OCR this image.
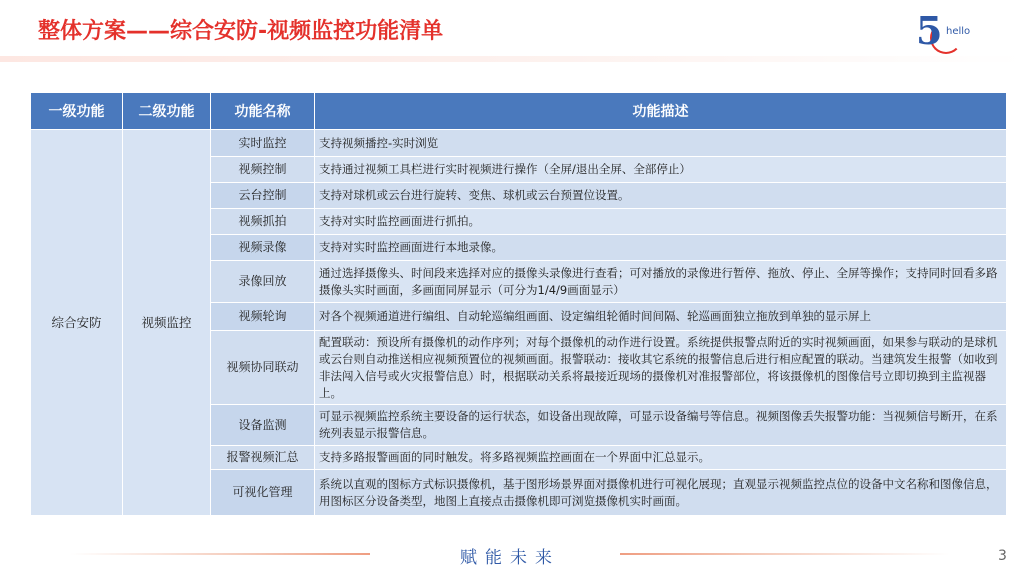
整体方案——综合安防-视频监控功能清单	5 hello
一级功能	二级功能	功能名称	功能描述
综合安防	视频监控	实时监控	支持视频播控-实时浏览
		视频控制	支持通过视频工具栏进行实时视频进行操作（全屏/退出全屏、全部停止）
		云台控制	支持对球机或云台进行旋转、变焦、球机或云台预置位设置。
		视频抓拍	支持对实时监控画面进行抓拍。
		视频录像	支持对实时监控画面进行本地录像。
		录像回放	通过选择摄像头、时间段来选择对应的摄像头录像进行查看；可对播放的录像进行暂停、拖放、停止、全屏等操作；支持同时回看多路摄像头实时画面，多画面同屏显示（可分为1/4/9画面显示）
		视频轮询	对各个视频通道进行编组、自动轮巡编组画面、设定编组轮循时间间隔、轮巡画面独立拖放到单独的显示屏上
		视频协同联动	配置联动：预设所有摄像机的动作序列；对每个摄像机的动作进行设置。系统提供报警点附近的实时视频画面，如果参与联动的是球机或云台则自动推送相应视频预置位的视频画面。报警联动：接收其它系统的报警信息后进行相应配置的联动。当建筑发生报警（如收到非法闯入信号或火灾报警信息）时，根据联动关系将最接近现场的摄像机对准报警部位，将该摄像机的图像信号立即切换到主监视器上。
		设备监测	可显示视频监控系统主要设备的运行状态，如设备出现故障，可显示设备编号等信息。视频图像丢失报警功能：当视频信号断开，在系统列表显示报警信息。
		报警视频汇总	支持多路报警画面的同时触发。将多路视频监控画面在一个界面中汇总显示。
		可视化管理	系统以直观的图标方式标识摄像机，基于图形场景界面对摄像机进行可视化展现；直观显示视频监控点位的设备中文名称和图像信息，用图标区分设备类型，地图上直接点击摄像机即可浏览摄像机实时画面。
赋能未来	3
